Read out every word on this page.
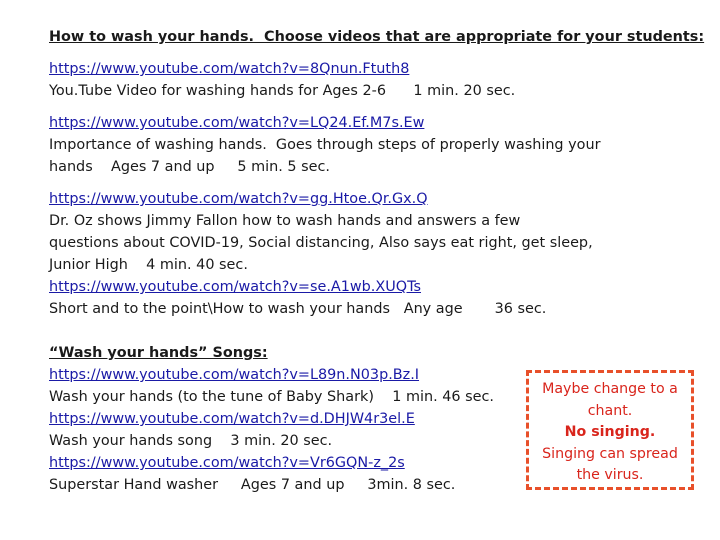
How to wash your hands.  Choose videos that are appropriate for your students:
https://www.youtube.com/watch?v=8Qnun.Ftuth8
You.Tube Video for washing hands for Ages 2-6      1 min. 20 sec.
https://www.youtube.com/watch?v=LQ24.Ef.M7s.Ew
Importance of washing hands.  Goes through steps of properly washing your
hands    Ages 7 and up     5 min. 5 sec.
https://www.youtube.com/watch?v=gg.Htoe.Qr.Gx.Q
Dr. Oz shows Jimmy Fallon how to wash hands and answers a few
questions about COVID-19, Social distancing, Also says eat right, get sleep,
Junior High    4 min. 40 sec.
https://www.youtube.com/watch?v=se.A1wb.XUQTs
Short and to the point\How to wash your hands   Any age       36 sec.
“Wash your hands” Songs:
https://www.youtube.com/watch?v=L89n.N03p.Bz.I
Wash your hands (to the tune of Baby Shark)    1 min. 46 sec.
https://www.youtube.com/watch?v=d.DHJW4r3el.E
Wash your hands song    3 min. 20 sec.
https://www.youtube.com/watch?v=Vr6GQN-z_2s
Superstar Hand washer     Ages 7 and up     3min. 8 sec.
Maybe change to a
chant.
No singing.
Singing can spread
the virus.
